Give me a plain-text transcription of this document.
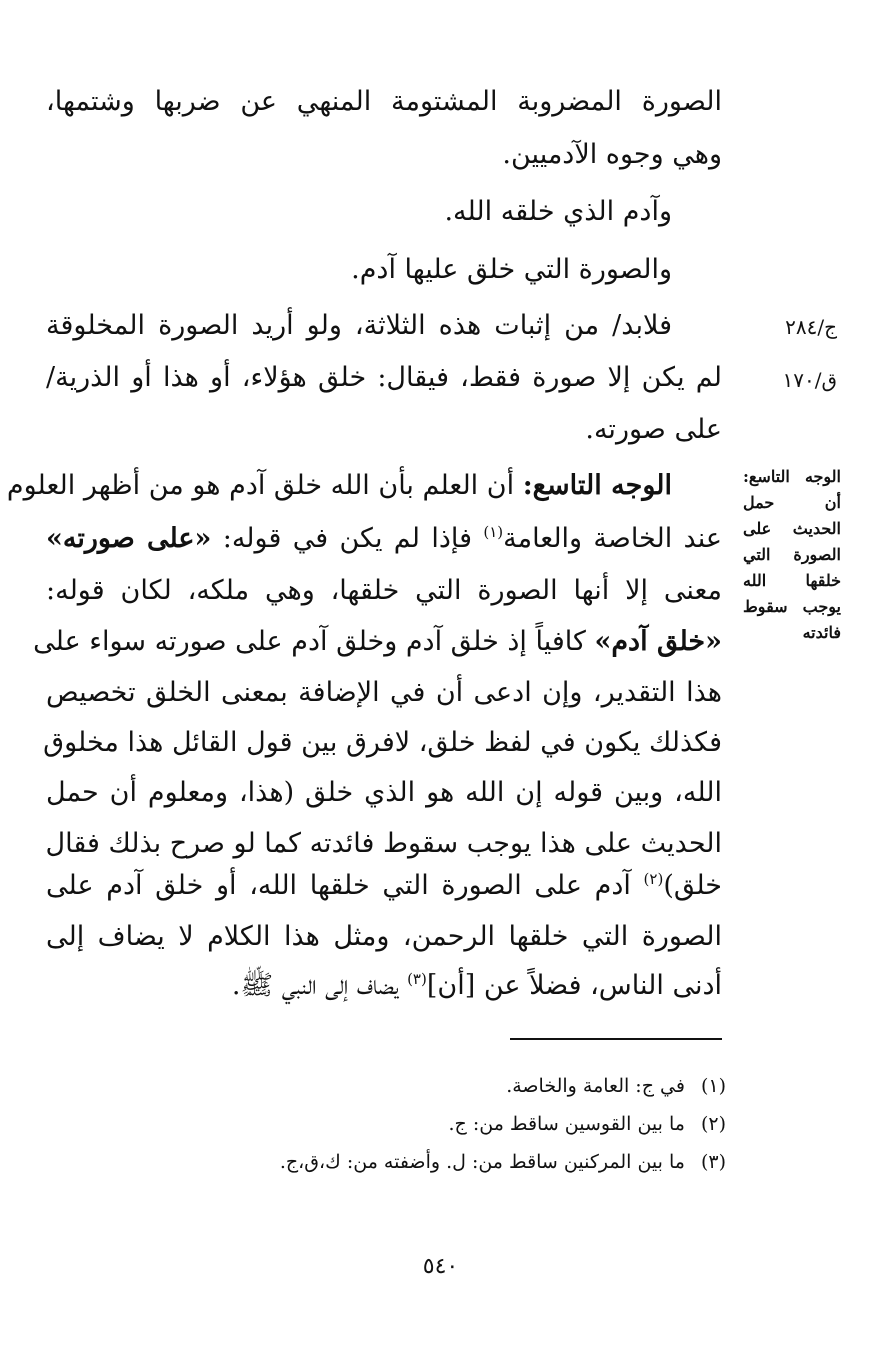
الصورة المضروبة المشتومة المنهي عن ضربها وشتمها،
وهي وجوه الآدميين.
وآدم الذي خلقه الله.
والصورة التي خلق عليها آدم.
ج/٢٨٤
فلابد/ من إثبات هذه الثلاثة، ولو أريد الصورة المخلوقة
ق/١٧٠
لم يكن إلا صورة فقط، فيقال: خلق هؤلاء، أو هذا أو الذرية/
على صورته.
الوجه التاسع: أن حمل الحديث على الصورة التي خلقها الله يوجب سقوط فائدته
الوجه التاسع: أن العلم بأن الله خلق آدم هو من أظهر العلوم
عند الخاصة والعامة$^{(١)}$ فإذا لم يكن في قوله: «على صورته»
معنى إلا أنها الصورة التي خلقها، وهي ملكه، لكان قوله:
«خلق آدم» كافياً إذ خلق آدم وخلق آدم على صورته سواء على
هذا التقدير، وإن ادعى أن في الإضافة بمعنى الخلق تخصيص
فكذلك يكون في لفظ خلق، لافرق بين قول القائل هذا مخلوق
الله، وبين قوله إن الله هو الذي خلق (هذا، ومعلوم أن حمل
الحديث على هذا يوجب سقوط فائدته كما لو صرح بذلك فقال
خلق)$^{(٢)}$ آدم على الصورة التي خلقها الله، أو خلق آدم على
الصورة التي خلقها الرحمن، ومثل هذا الكلام لا يضاف إلى
أدنى الناس، فضلاً عن [أن]$^{(٣)}$ يضاف إلى النبي ﷺ.
(١)في ج: العامة والخاصة.
(٢)ما بين القوسين ساقط من: ج.
(٣)ما بين المركنين ساقط من: ل. وأضفته من: ك،ق،ج.
٥٤٠
